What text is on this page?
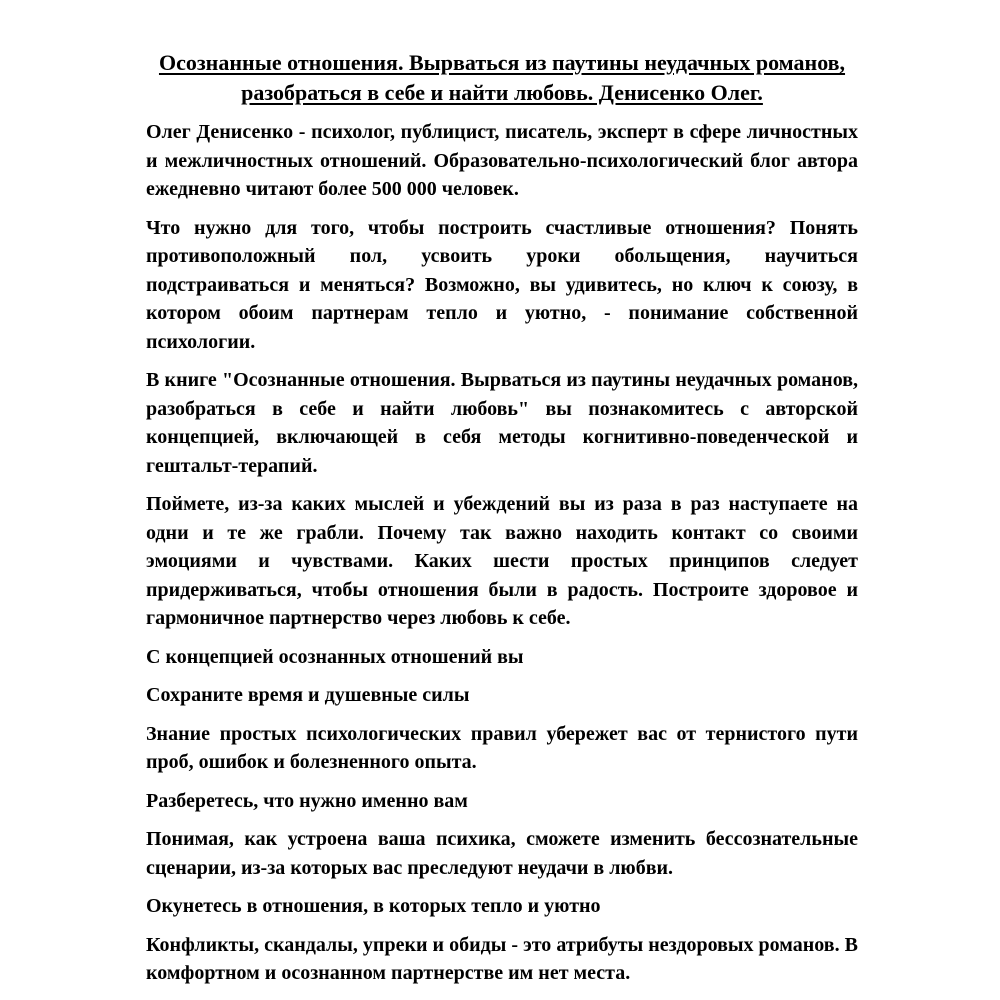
Осознанные отношения. Вырваться из паутины неудачных романов, разобраться в себе и найти любовь. Денисенко Олег.

Олег Денисенко - психолог, публицист, писатель, эксперт в сфере личностных и межличностных отношений. Образовательно-психологический блог автора ежедневно читают более 500 000 человек.

Что нужно для того, чтобы построить счастливые отношения? Понять противоположный пол, усвоить уроки обольщения, научиться подстраиваться и меняться? Возможно, вы удивитесь, но ключ к союзу, в котором обоим партнерам тепло и уютно, - понимание собственной психологии.

В книге "Осознанные отношения. Вырваться из паутины неудачных романов, разобраться в себе и найти любовь" вы познакомитесь с авторской концепцией, включающей в себя методы когнитивно-поведенческой и гештальт-терапий.

Поймете, из-за каких мыслей и убеждений вы из раза в раз наступаете на одни и те же грабли. Почему так важно находить контакт со своими эмоциями и чувствами. Каких шести простых принципов следует придерживаться, чтобы отношения были в радость. Построите здоровое и гармоничное партнерство через любовь к себе.

С концепцией осознанных отношений вы

Сохраните время и душевные силы

Знание простых психологических правил убережет вас от тернистого пути проб, ошибок и болезненного опыта.

Разберетесь, что нужно именно вам

Понимая, как устроена ваша психика, сможете изменить бессознательные сценарии, из-за которых вас преследуют неудачи в любви.

Окунетесь в отношения, в которых тепло и уютно

Конфликты, скандалы, упреки и обиды - это атрибуты нездоровых романов. В комфортном и осознанном партнерстве им нет места.
